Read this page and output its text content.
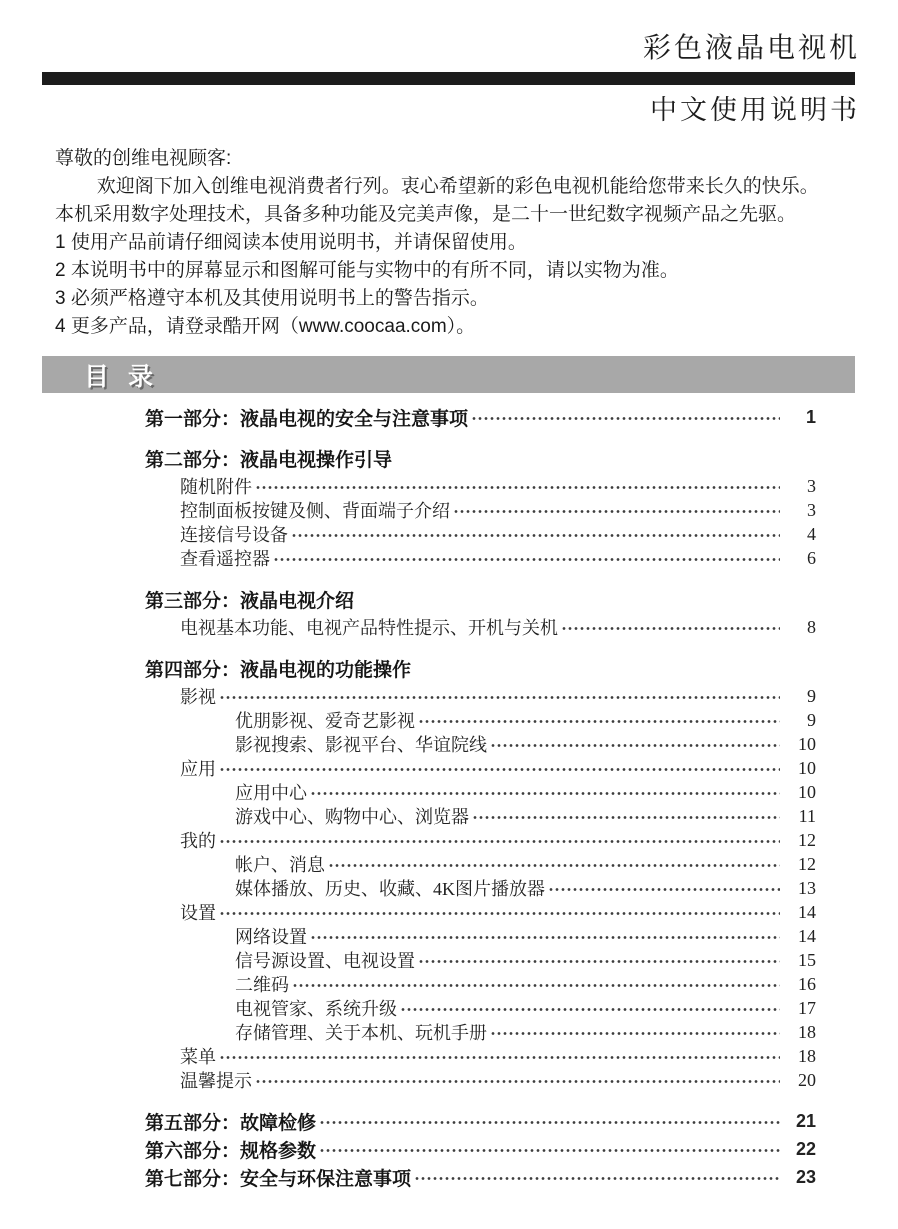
彩色液晶电视机
中文使用说明书
尊敬的创维电视顾客:
欢迎阁下加入创维电视消费者行列。衷心希望新的彩色电视机能给您带来长久的快乐。
本机采用数字处理技术，具备多种功能及完美声像，是二十一世纪数字视频产品之先驱。
1 使用产品前请仔细阅读本使用说明书，并请保留使用。
2 本说明书中的屏幕显示和图解可能与实物中的有所不同，请以实物为准。
3 必须严格遵守本机及其使用说明书上的警告指示。
4 更多产品，请登录酷开网（www.coocaa.com）。
目 录
第一部分：液晶电视的安全与注意事项	1
第二部分：液晶电视操作引导
随机附件	3
控制面板按键及侧、背面端子介绍	3
连接信号设备	4
查看遥控器	6
第三部分：液晶电视介绍
电视基本功能、电视产品特性提示、开机与关机	8
第四部分：液晶电视的功能操作
影视	9
优朋影视、爱奇艺影视	9
影视搜索、影视平台、华谊院线	10
应用	10
应用中心	10
游戏中心、购物中心、浏览器	11
我的	12
帐户、消息	12
媒体播放、历史、收藏、4K图片播放器	13
设置	14
网络设置	14
信号源设置、电视设置	15
二维码	16
电视管家、系统升级	17
存储管理、关于本机、玩机手册	18
菜单	18
温馨提示	20
第五部分：故障检修	21
第六部分：规格参数	22
第七部分：安全与环保注意事项	23
